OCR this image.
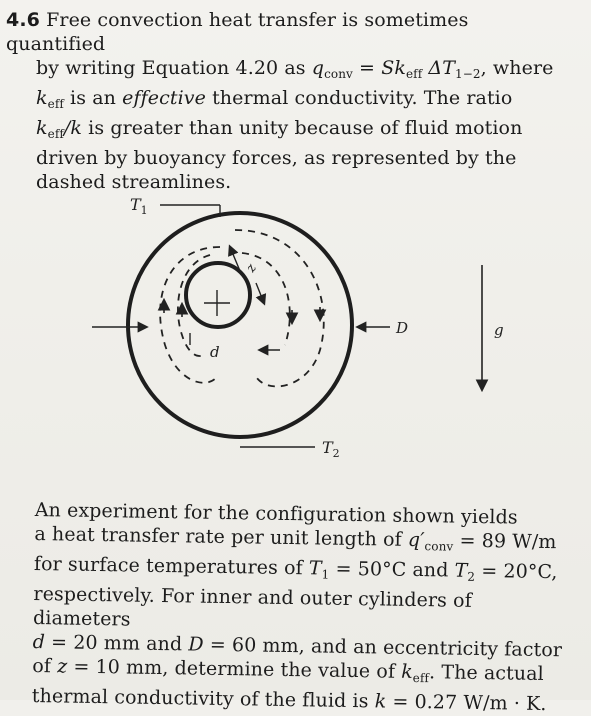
4.6 Free convection heat transfer is sometimes quantified
by writing Equation 4.20 as $q_{conv} = Sk_{eff}$ $\Delta T_{1-2}$, where
$k_{eff}$ is an effective thermal conductivity. The ratio
$k_{eff}/k$ is greater than unity because of fluid motion
driven by buoyancy forces, as represented by the
dashed streamlines.

z
d
D	g
$T_1$
$T_2$

An experiment for the configuration shown yields
a heat transfer rate per unit length of $q'_{conv} = 89$ W/m
for surface temperatures of $T_1 = 50^\circ C$ and $T_2 = 20^\circ C$,
respectively. For inner and outer cylinders of diameters
d = 20 mm and D = 60 mm, and an eccentricity factor
of z = 10 mm, determine the value of $k_{eff}$. The actual
thermal conductivity of the fluid is k = 0.27 W/m · K.
